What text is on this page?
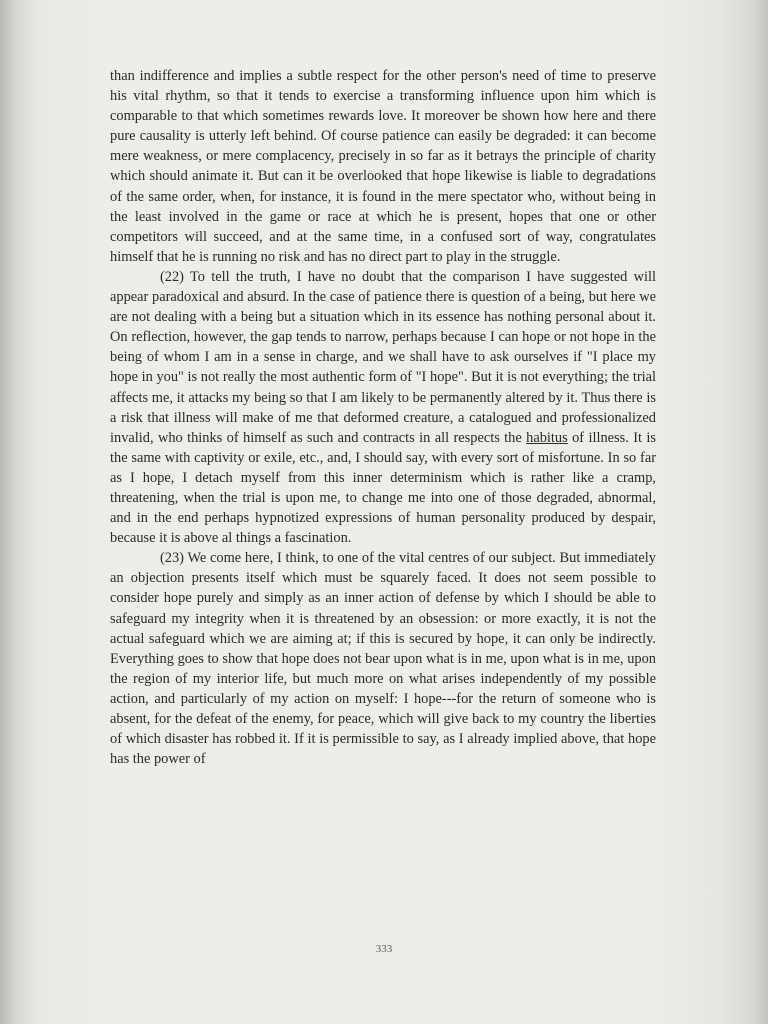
than indifference and implies a subtle respect for the other person's need of time to preserve his vital rhythm, so that it tends to exercise a transforming influence upon him which is comparable to that which sometimes rewards love. It moreover be shown how here and there pure causality is utterly left behind. Of course patience can easily be degraded: it can become mere weakness, or mere complacency, precisely in so far as it betrays the principle of charity which should animate it. But can it be overlooked that hope likewise is liable to degradations of the same order, when, for instance, it is found in the mere spectator who, without being in the least involved in the game or race at which he is present, hopes that one or other competitors will succeed, and at the same time, in a confused sort of way, congratulates himself that he is running no risk and has no direct part to play in the struggle.

(22) To tell the truth, I have no doubt that the comparison I have suggested will appear paradoxical and absurd. In the case of patience there is question of a being, but here we are not dealing with a being but a situation which in its essence has nothing personal about it. On reflection, however, the gap tends to narrow, perhaps because I can hope or not hope in the being of whom I am in a sense in charge, and we shall have to ask ourselves if "I place my hope in you" is not really the most authentic form of "I hope". But it is not everything; the trial affects me, it attacks my being so that I am likely to be permanently altered by it. Thus there is a risk that illness will make of me that deformed creature, a catalogued and professionalized invalid, who thinks of himself as such and contracts in all respects the habitus of illness. It is the same with captivity or exile, etc., and, I should say, with every sort of misfortune. In so far as I hope, I detach myself from this inner determinism which is rather like a cramp, threatening, when the trial is upon me, to change me into one of those degraded, abnormal, and in the end perhaps hypnotized expressions of human personality produced by despair, because it is above al things a fascination.

(23) We come here, I think, to one of the vital centres of our subject. But immediately an objection presents itself which must be squarely faced. It does not seem possible to consider hope purely and simply as an inner action of defense by which I should be able to safeguard my integrity when it is threatened by an obsession: or more exactly, it is not the actual safeguard which we are aiming at; if this is secured by hope, it can only be indirectly. Everything goes to show that hope does not bear upon what is in me, upon what is in me, upon the region of my interior life, but much more on what arises independently of my possible action, and particularly of my action on myself: I hope---for the return of someone who is absent, for the defeat of the enemy, for peace, which will give back to my country the liberties of which disaster has robbed it. If it is permissible to say, as I already implied above, that hope has the power of

333
